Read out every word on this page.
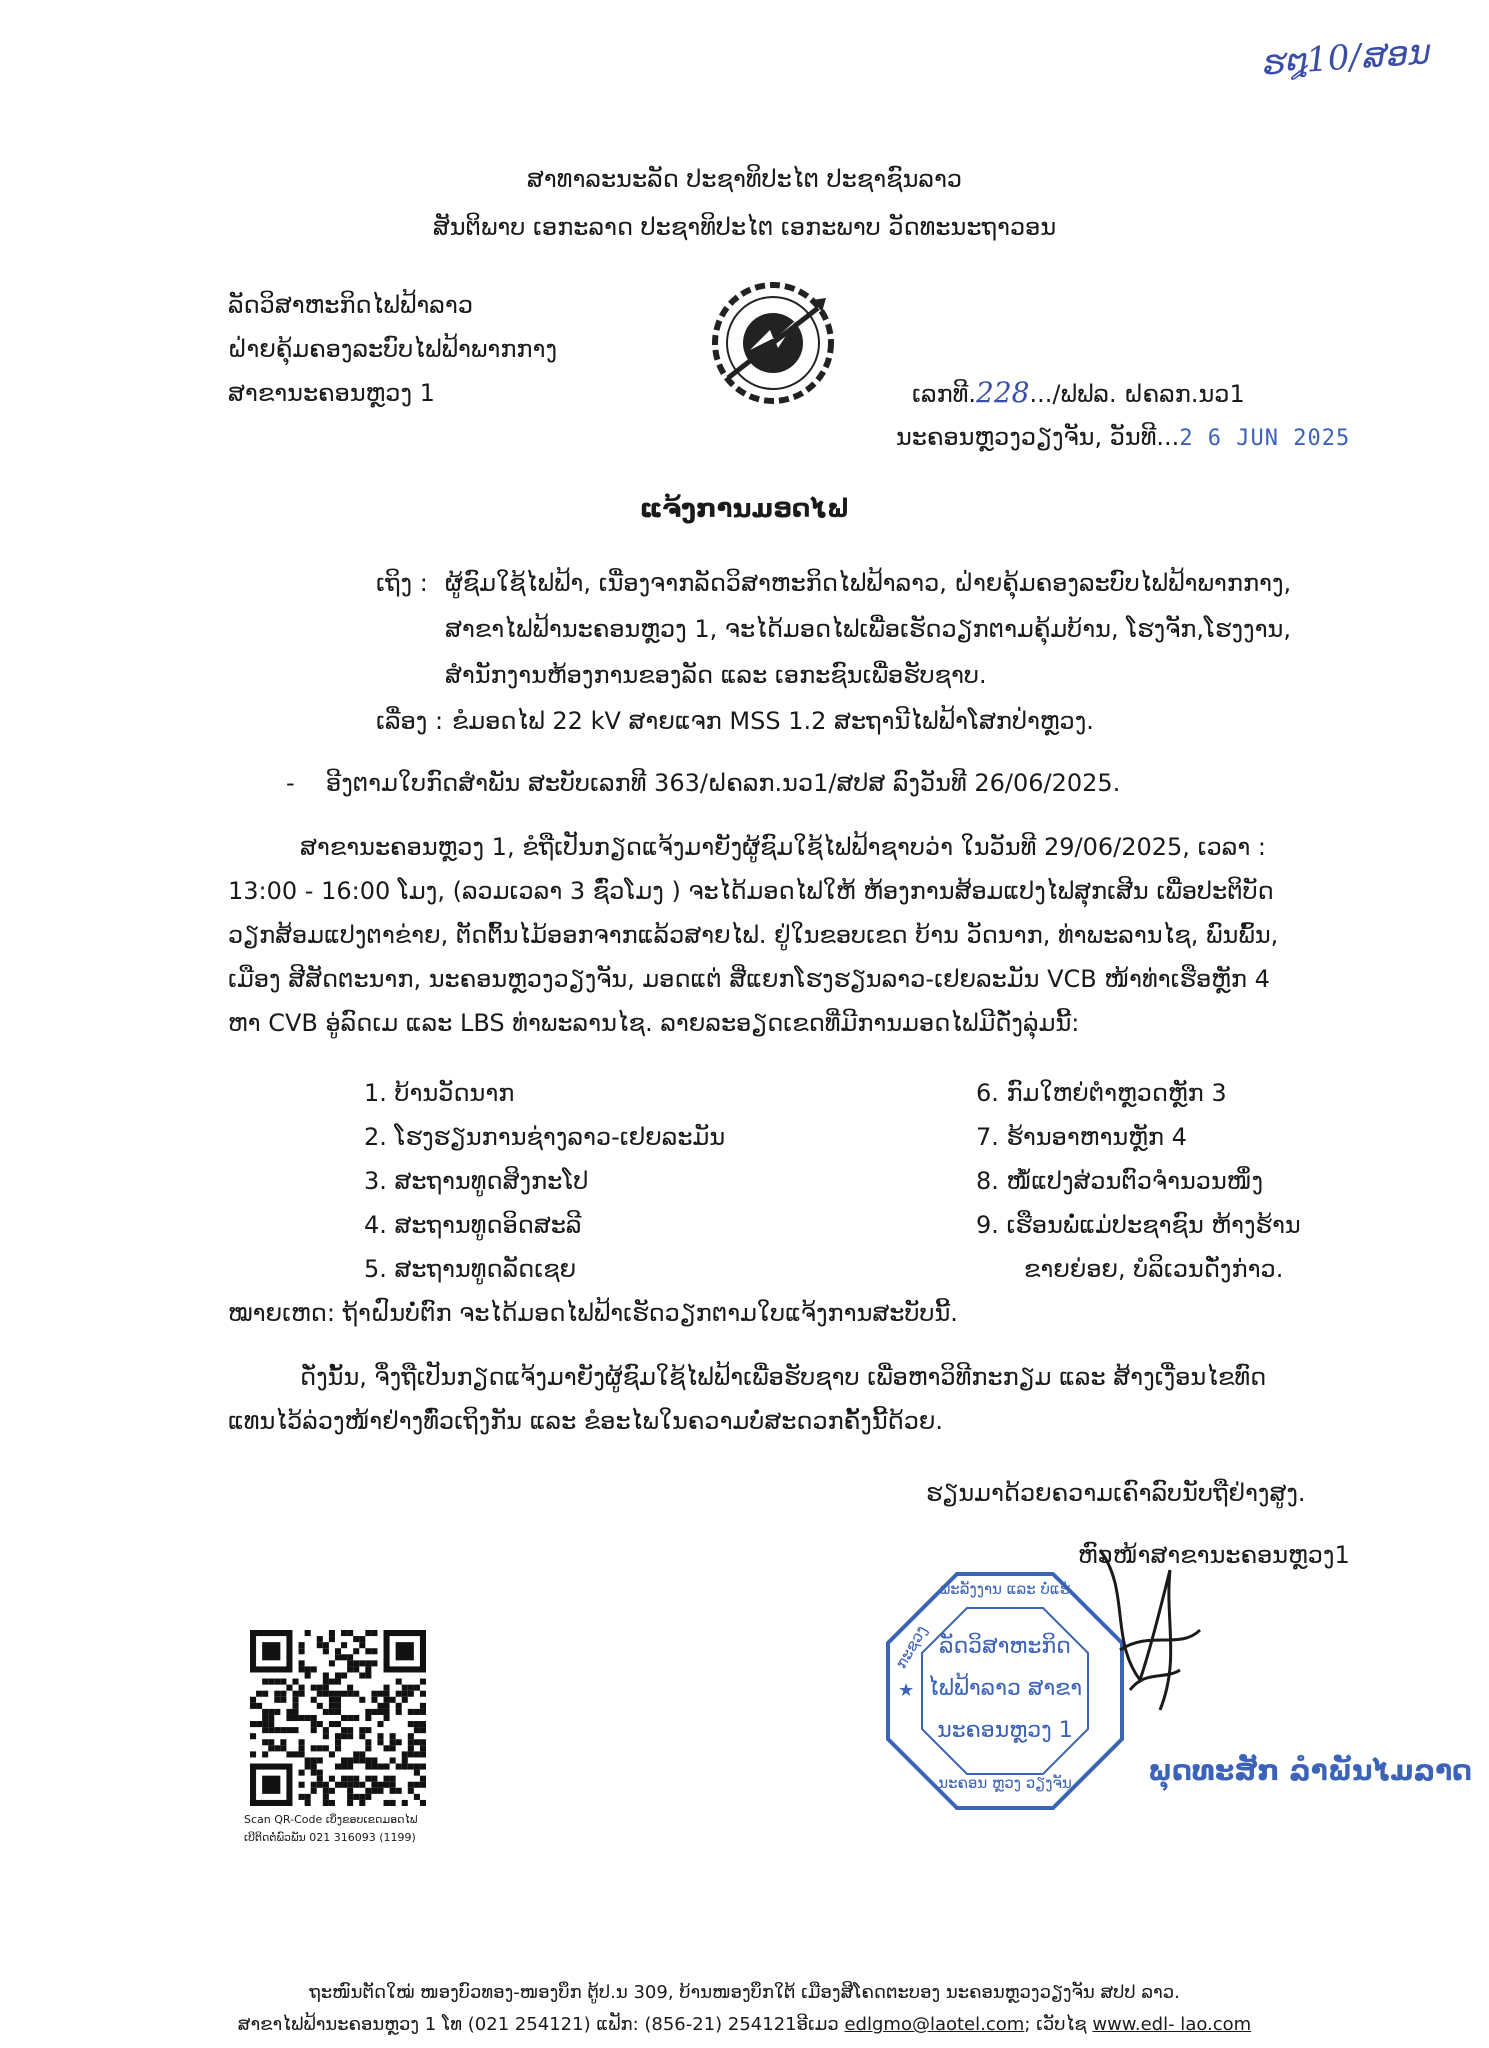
ຮ໘10/ສອນ
ສາທາລະນະລັດ ປະຊາທິປະໄຕ ປະຊາຊົນລາວ
ສັນຕິພາບ ເອກະລາດ ປະຊາທິປະໄຕ ເອກະພາບ ວັດທະນະຖາວອນ
ລັດວິສາຫະກິດໄຟຟ້າລາວ
ຝ່າຍຄຸ້ມຄອງລະບົບໄຟຟ້າພາກກາງ
ສາຂານະຄອນຫຼວງ 1	ເລກທີ.228.../ຟຟລ. ຝຄລກ.ນວ1
ນະຄອນຫຼວງວຽງຈັນ, ວັນທີ...2 6 JUN 2025
ແຈ້ງການມອດໄຟ
ເຖິງ : ຜູ້ຊົມໃຊ້ໄຟຟ້າ, ເນື່ອງຈາກລັດວິສາຫະກິດໄຟຟ້າລາວ, ຝ່າຍຄຸ້ມຄອງລະບົບໄຟຟ້າພາກກາງ,
ສາຂາໄຟຟ້ານະຄອນຫຼວງ 1, ຈະໄດ້ມອດໄຟເພື່ອເຮັດວຽກຕາມຄຸ້ມບ້ານ, ໂຮງຈັກ,ໂຮງງານ,
ສຳນັກງານຫ້ອງການຂອງລັດ ແລະ ເອກະຊົນເພື່ອຮັບຊາບ.
ເລື່ອງ : ຂໍມອດໄຟ 22 kV ສາຍແຈກ MSS 1.2 ສະຖານີໄຟຟ້າໂສກປ່າຫຼວງ.
- ອີງຕາມໃບກົດສຳພັນ ສະບັບເລກທີ 363/ຝຄລກ.ນວ1/ສປສ ລົງວັນທີ 26/06/2025.
ສາຂານະຄອນຫຼວງ 1, ຂໍຖືເປັນກຽດແຈ້ງມາຍັງຜູ້ຊົມໃຊ້ໄຟຟ້າຊາບວ່າ ໃນວັນທີ 29/06/2025, ເວລາ :
13:00 - 16:00 ໂມງ, (ລວມເວລາ 3 ຊົ່ວໂມງ ) ຈະໄດ້ມອດໄຟໃຫ້ ຫ້ອງການສ້ອມແປງໄຟສຸກເສີນ ເພື່ອປະຕິບັດ
ວຽກສ້ອມແປງຕາຂ່າຍ, ຕັດຕົ້ນໄມ້ອອກຈາກແລ້ວສາຍໄຟ. ຢູ່ໃນຂອບເຂດ ບ້ານ ວັດນາກ, ທ່າພະລານໄຊ, ພົນພົ້ນ,
ເມືອງ ສີສັດຕະນາກ, ນະຄອນຫຼວງວຽງຈັນ, ມອດແຕ່ ສີ່ແຍກໂຮງຮຽນລາວ-ເຢຍລະມັນ VCB ໜ້າທ່າເຮືອຫຼັກ 4
ຫາ CVB ອູ່ລົດເມ ແລະ LBS ທ່າພະລານໄຊ. ລາຍລະອຽດເຂດທີ່ມີການມອດໄຟມີດັ່ງລຸ່ມນີ້:
1. ບ້ານວັດນາກ
2. ໂຮງຮຽນການຊ່າງລາວ-ເຢຍລະມັນ
3. ສະຖານທູດສິງກະໂປ
4. ສະຖານທູດອິດສະລີ
5. ສະຖານທູດລັດເຊຍ
6. ກົມໃຫຍ່ຕຳຫຼວດຫຼັກ 3
7. ຮ້ານອາຫານຫຼັກ 4
8. ໜໍ້ແປງສ່ວນຕົວຈຳນວນໜຶ່ງ
9. ເຮືອນພໍ່ແມ່ປະຊາຊົນ ຫ້າງຮ້ານ
ຂາຍຍ່ອຍ, ບໍລິເວນດັ່ງກ່າວ.
ໝາຍເຫດ: ຖ້າຝົນບໍ່ຕົກ ຈະໄດ້ມອດໄຟຟ້າເຮັດວຽກຕາມໃບແຈ້ງການສະບັບນີ້.
ດັ່ງນັ້ນ, ຈຶ່ງຖືເປັນກຽດແຈ້ງມາຍັງຜູ້ຊົມໃຊ້ໄຟຟ້າເພື່ອຮັບຊາບ ເພື່ອຫາວິທີກະກຽມ ແລະ ສ້າງເງື່ອນໄຂທົດ
ແທນໄວ້ລ່ວງໜ້າຢ່າງທົ່ວເຖິງກັນ ແລະ ຂໍອະໄພໃນຄວາມບໍ່ສະດວກຄັ້ງນີ້ດ້ວຍ.
ຮຽນມາດ້ວຍຄວາມເຄົາລົບນັບຖືຢ່າງສູງ.
ຫົວໜ້າສາຂານະຄອນຫຼວງ1
Scan QR-Code ເບິ່ງຂອບເຂດມອດໄຟ
ເບີຕິດຕໍ່ພົວພັນ 021 316093 (1199)
ພະລັງງານ ແລະ ບໍ່ແຮ່
ກະຊວງ ລັດວິສາຫະກິດ
ໄຟຟ້າລາວ ສາຂາ
ນະຄອນຫຼວງ 1
★
ນະຄອນ ຫຼວງ ວຽງຈັນ	ພຸດທະສັກ ລຳພັນໄມລາດ
ຖະໜົນຕັດໃໝ່ ໜອງບົວທອງ-ໜອງບຶກ ຕູ້ປ.ນ 309, ບ້ານໜອງບຶກໃຕ້ ເມືອງສີໂຄດຕະບອງ ນະຄອນຫຼວງວຽງຈັນ ສປປ ລາວ.
ສາຂາໄຟຟ້ານະຄອນຫຼວງ 1 ໂທ (021 254121) ແຟັກ: (856-21) 254121ອີເມວ edlgmo@laotel.com; ເວັບໄຊ www.edl- lao.com
